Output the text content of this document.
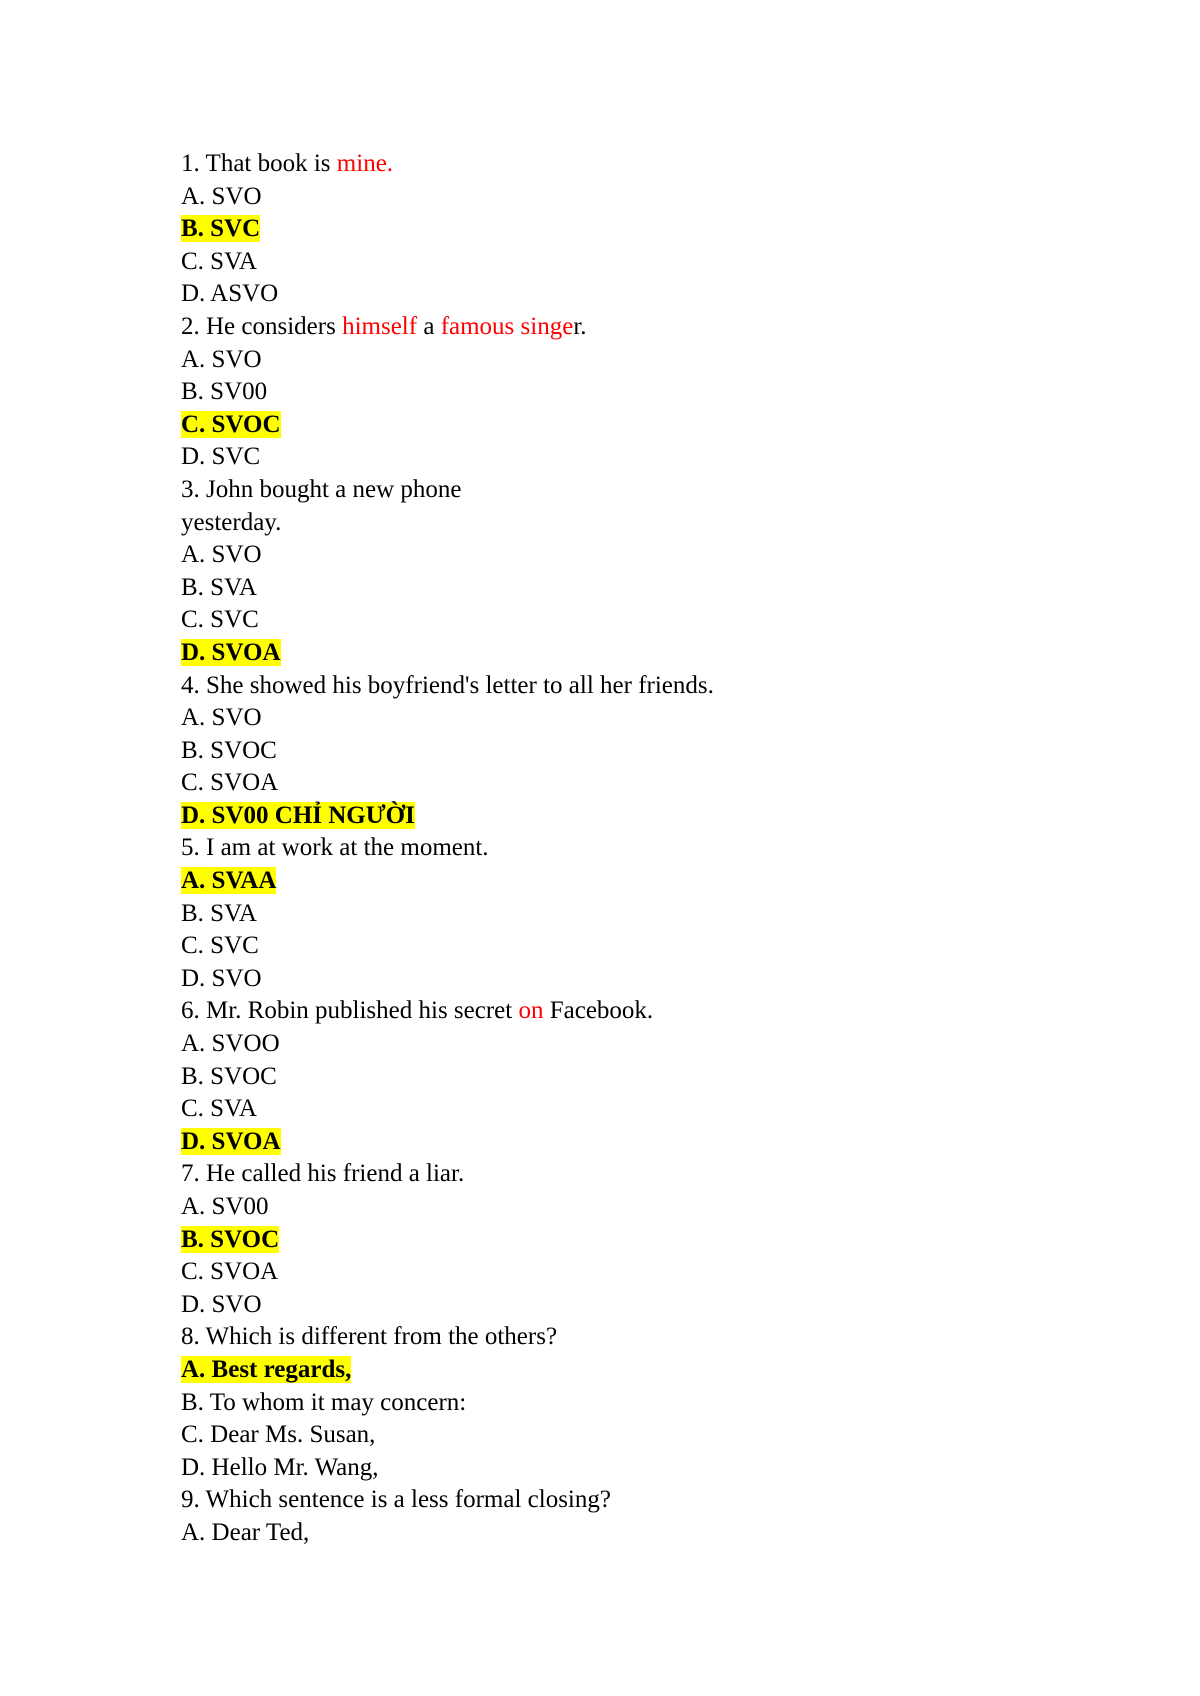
1. That book is mine.
A. SVO
B. SVC
C. SVA
D. ASVO
2. He considers himself a famous singer.
A. SVO
B. SV00
C. SVOC
D. SVC
3. John bought a new phone
yesterday.
A. SVO
B. SVA
C. SVC
D. SVOA
4. She showed his boyfriend's letter to all her friends.
A. SVO
B. SVOC
C. SVOA
D. SV00 CHỈ NGƯỜI
5. I am at work at the moment.
A. SVAA
B. SVA
C. SVC
D. SVO
6. Mr. Robin published his secret on Facebook.
A. SVOO
B. SVOC
C. SVA
D. SVOA
7. He called his friend a liar.
A. SV00
B. SVOC
C. SVOA
D. SVO
8. Which is different from the others?
A. Best regards,
B. To whom it may concern:
C. Dear Ms. Susan,
D. Hello Mr. Wang,
9. Which sentence is a less formal closing?
A. Dear Ted,
